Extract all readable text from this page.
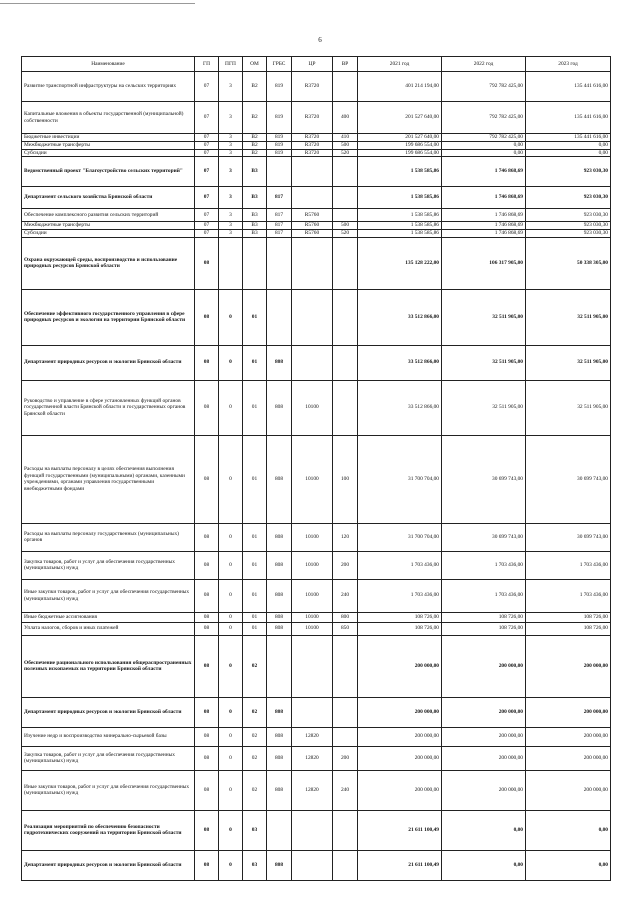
6
Наименование	ГП	ПГП	ОМ	ГРБС	ЦР	ВР	2021 год	2022 год	2023 год
Развитие транспортной инфраструктуры на сельских территориях	07	3	В2	819	R3720		401 214 194,00	792 782 425,00	135 441 616,00
Капитальные вложения в объекты государственной (муниципальной) собственности	07	3	В2	819	R3720	400	201 527 640,00	792 782 425,00	135 441 616,00
Бюджетные инвестиции	07	3	В2	819	R3720	410	201 527 640,00	792 782 425,00	135 441 616,00
Межбюджетные трансферты	07	3	В2	819	R3720	500	199 686 554,00	0,00	0,00
Субсидии	07	3	В2	819	R3720	520	199 686 554,00	0,00	0,00
Ведомственный проект "Благоустройство сельских территорий"	07	3	В3				1 538 585,86	1 746 868,69	923 030,30
Департамент сельского хозяйства Брянской области	07	3	В3	817			1 538 585,86	1 746 868,69	923 030,30
Обеспечение комплексного развития сельских территорий	07	3	В3	817	R5760		1 538 585,86	1 746 868,69	923 030,30
Межбюджетные трансферты	07	3	В3	817	R5760	500	1 538 585,86	1 746 868,69	923 030,30
Субсидии	07	3	В3	817	R5760	520	1 538 585,86	1 746 868,69	923 030,30
Охрана окружающей среды, воспроизводство и использование природных ресурсов Брянской области	08						135 128 222,00	106 317 905,00	50 338 305,00
Обеспечение эффективного государственного управления в сфере природных ресурсов и экологии на территории Брянской области	08	0	01				33 512 866,00	32 511 905,00	32 511 905,00
Департамент природных ресурсов и экологии Брянской области	08	0	01	808			33 512 866,00	32 511 905,00	32 511 905,00
Руководство и управление в сфере установленных функций органов государственной власти Брянской области и государственных органов Брянской области	08	0	01	808	10100		33 512 866,00	32 511 905,00	32 511 905,00
Расходы на выплаты персоналу в целях обеспечения выполнения функций государственными (муниципальными) органами, казенными учреждениями, органами управления государственными внебюджетными фондами	08	0	01	808	10100	100	31 700 704,00	30 699 743,00	30 699 743,00
Расходы на выплаты персоналу государственных (муниципальных) органов	08	0	01	808	10100	120	31 700 704,00	30 699 743,00	30 699 743,00
Закупка товаров, работ и услуг для обеспечения государственных (муниципальных) нужд	08	0	01	808	10100	200	1 703 436,00	1 703 436,00	1 703 436,00
Иные закупки товаров, работ и услуг для обеспечения государственных (муниципальных) нужд	08	0	01	808	10100	240	1 703 436,00	1 703 436,00	1 703 436,00
Иные бюджетные ассигнования	08	0	01	808	10100	800	108 726,00	108 726,00	108 726,00
Уплата налогов, сборов и иных платежей	08	0	01	808	10100	850	108 726,00	108 726,00	108 726,00
Обеспечение рационального использования общераспространенных полезных ископаемых на территории Брянской области	08	0	02				200 000,00	200 000,00	200 000,00
Департамент природных ресурсов и экологии Брянской области	08	0	02	808			200 000,00	200 000,00	200 000,00
Изучение недр и воспроизводство минерально-сырьевой базы	08	0	02	808	12820		200 000,00	200 000,00	200 000,00
Закупка товаров, работ и услуг для обеспечения государственных (муниципальных) нужд	08	0	02	808	12820	200	200 000,00	200 000,00	200 000,00
Иные закупки товаров, работ и услуг для обеспечения государственных (муниципальных) нужд	08	0	02	808	12820	240	200 000,00	200 000,00	200 000,00
Реализация мероприятий по обеспечению безопасности гидротехнических сооружений на территории Брянской области	08	0	03				21 611 100,49	0,00	0,00
Департамент природных ресурсов и экологии Брянской области	08	0	03	808			21 611 100,49	0,00	0,00
